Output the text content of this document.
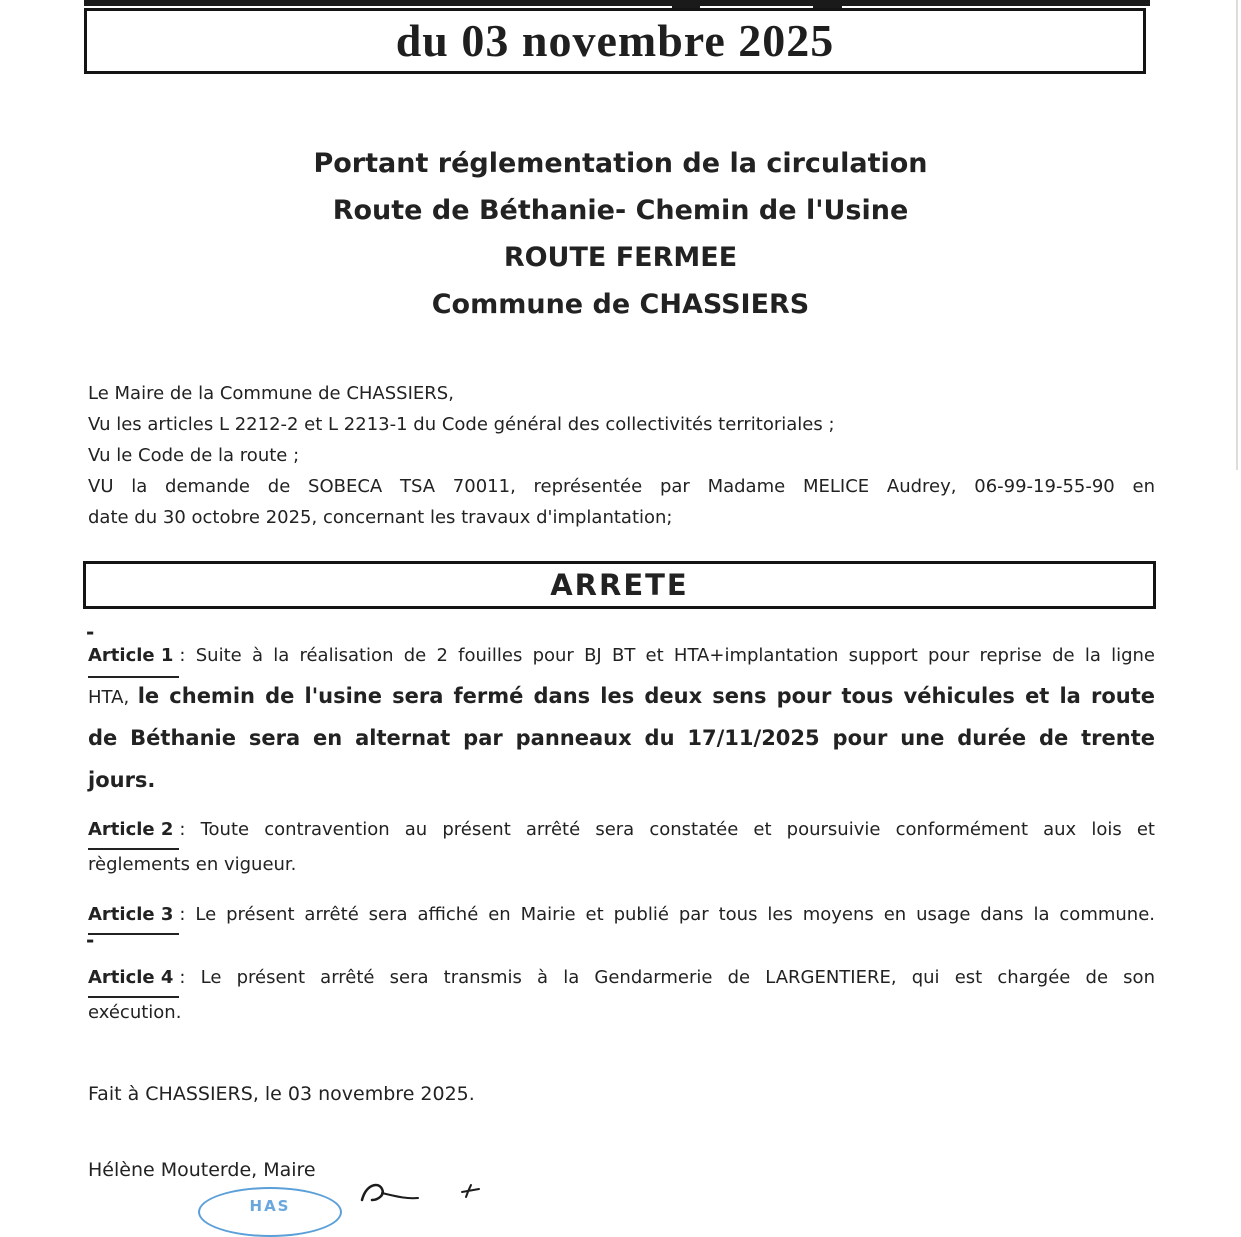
du 03 novembre 2025
Portant réglementation de la circulation
Route de Béthanie- Chemin de l'Usine
ROUTE FERMEE
Commune de CHASSIERS
Le Maire de la Commune de CHASSIERS,
Vu les articles L 2212-2 et L 2213-1 du Code général des collectivités territoriales ;
Vu le Code de la route ;
VU la demande de SOBECA TSA 70011, représentée par Madame MELICE Audrey, 06-99-19-55-90 en
date du 30 octobre 2025, concernant les travaux d'implantation;
ARRETE
-
Article 1 : Suite à la réalisation de 2 fouilles pour BJ BT et HTA+implantation support pour reprise de la ligne
HTA, le chemin de l'usine sera fermé dans les deux sens pour tous véhicules et la route
de Béthanie sera en alternat par panneaux du 17/11/2025 pour une durée de trente
jours.
Article 2 : Toute contravention au présent arrêté sera constatée et poursuivie conformément aux lois et
règlements en vigueur.
Article 3 : Le présent arrêté sera affiché en Mairie et publié par tous les moyens en usage dans la commune.
-
Article 4 : Le présent arrêté sera transmis à la Gendarmerie de LARGENTIERE, qui est chargée de son
exécution.
Fait à CHASSIERS, le 03 novembre 2025.
Hélène Mouterde, Maire
HAS
